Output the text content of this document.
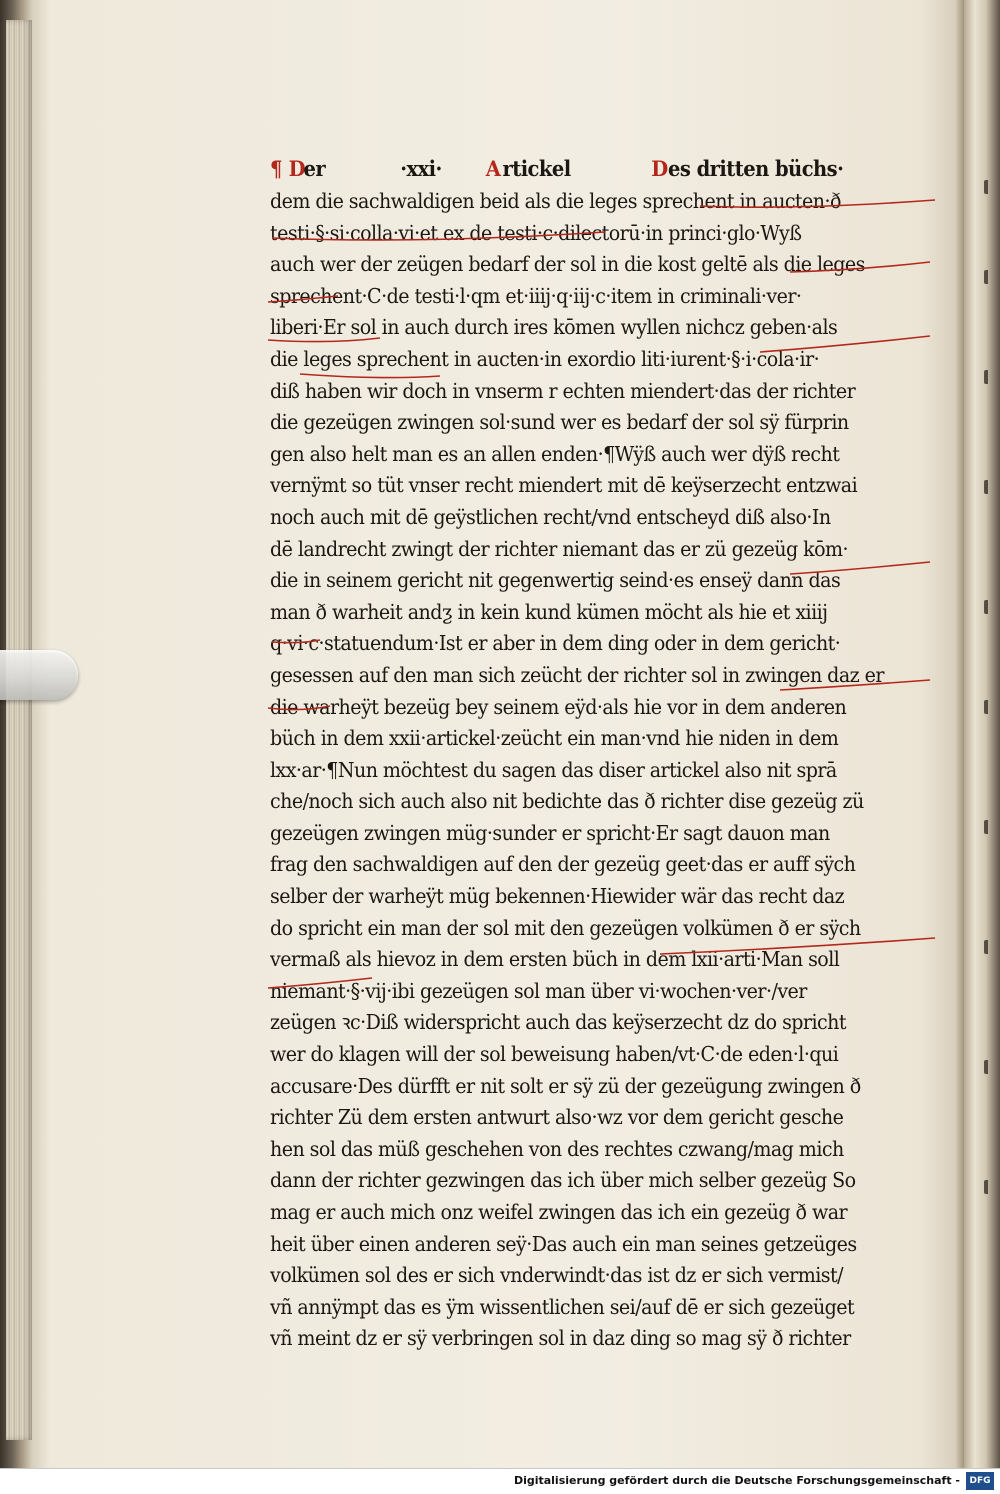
¶ D
er	·xxi· A rtickel	D es dritten büchs·
dem die sachwaldigen beid als die leges sprechent in aucten·ð
testi·§·si·colla·vi·et ex de testi·c·dilectorū·in princi·glo·Wyß
auch wer der zeügen bedarf der sol in die kost geltē als die leges
sprechent·C·de testi·l·qm et·iiij·q·iij·c·item in criminali·ver·
liberi·Er sol in auch durch ires kōmen wyllen nichcz geben·als
die leges sprechent in aucten·in exordio liti·iurent·§·i·cola·ir·
diß haben wir doch in vnserm r echten miendert·das der richter
die gezeügen zwingen sol·sund wer es bedarf der sol sÿ fürprin
gen also helt man es an allen enden·¶Wÿß auch wer dÿß recht
vernÿmt so tüt vnser recht miendert mit dē keÿserzecht entzwai
noch auch mit dē geÿstlichen recht/vnd entscheyd diß also·In
dē landrecht zwingt der richter niemant das er zü gezeüg kōm·
die in seinem gericht nit gegenwertig seind·es enseÿ dann das
man ð warheit andƺ in kein kund kümen möcht als hie et xiiij
q·vi·c·statuendum·Ist er aber in dem ding oder in dem gericht·
gesessen auf den man sich zeücht der richter sol in zwingen daz er
die warheÿt bezeüg bey seinem eÿd·als hie vor in dem anderen
büch in dem xxii·artickel·zeücht ein man·vnd hie niden in dem
lxx·ar·¶Nun möchtest du sagen das diser artickel also nit sprā
che/noch sich auch also nit bedichte das ð richter dise gezeüg zü
gezeügen zwingen müg·sunder er spricht·Er sagt dauon man
frag den sachwaldigen auf den der gezeüg geet·das er auff sÿch
selber der warheÿt müg bekennen·Hiewider wär das recht daz
do spricht ein man der sol mit den gezeügen volkümen ð er sÿch
vermaß als hievoz in dem ersten büch in dem lxii·arti·Man soll
niemant·§·vij·ibi gezeügen sol man über vi·wochen·ver·/ver
zeügen ꝛc·Diß widerspricht auch das keÿserzecht dz do spricht
wer do klagen will der sol beweisung haben/vt·C·de eden·l·qui
accusare·Des dürfft er nit solt er sÿ zü der gezeügung zwingen ð
richter Zü dem ersten antwurt also·wz vor dem gericht gesche
hen sol das müß geschehen von des rechtes czwang/mag mich
dann der richter gezwingen das ich über mich selber gezeüg So
mag er auch mich onz weifel zwingen das ich ein gezeüg ð war
heit über einen anderen seÿ·Das auch ein man seines getzeüges
volkümen sol des er sich vnderwindt·das ist dz er sich vermist/
vñ annÿmpt das es ÿm wissentlichen sei/auf dē er sich gezeüget
vñ meint dz er sÿ verbringen sol in daz ding so mag sÿ ð richter
Digitalisierung gefördert durch die Deutsche Forschungsgemeinschaft -	DFG
